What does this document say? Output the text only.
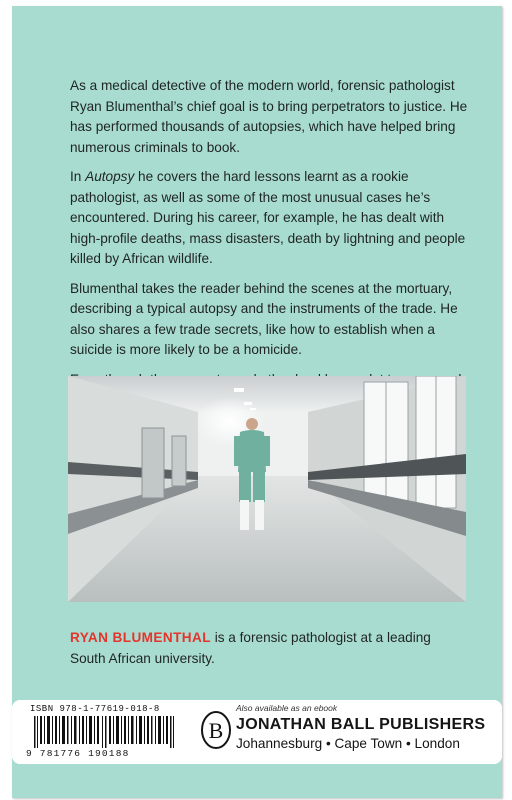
As a medical detective of the modern world, forensic pathologist Ryan Blumenthal’s chief goal is to bring perpetrators to justice. He has performed thousands of autopsies, which have helped bring numerous criminals to book.

In Autopsy he covers the hard lessons learnt as a rookie pathologist, as well as some of the most unusual cases he’s encountered. During his career, for example, he has dealt with high-profile deaths, mass disasters, death by lightning and people killed by African wildlife.

Blumenthal takes the reader behind the scenes at the mortuary, describing a typical autopsy and the instruments of the trade. He also shares a few trade secrets, like how to establish when a suicide is more likely to be a homicide.

RYAN BLUMENTHAL is a forensic pathologist at a leading South African university.
ISBN 978-1-77619-018-8
9 781776 190188
B
Also available as an ebook
JONATHAN BALL PUBLISHERS
Johannesburg • Cape Town • London
